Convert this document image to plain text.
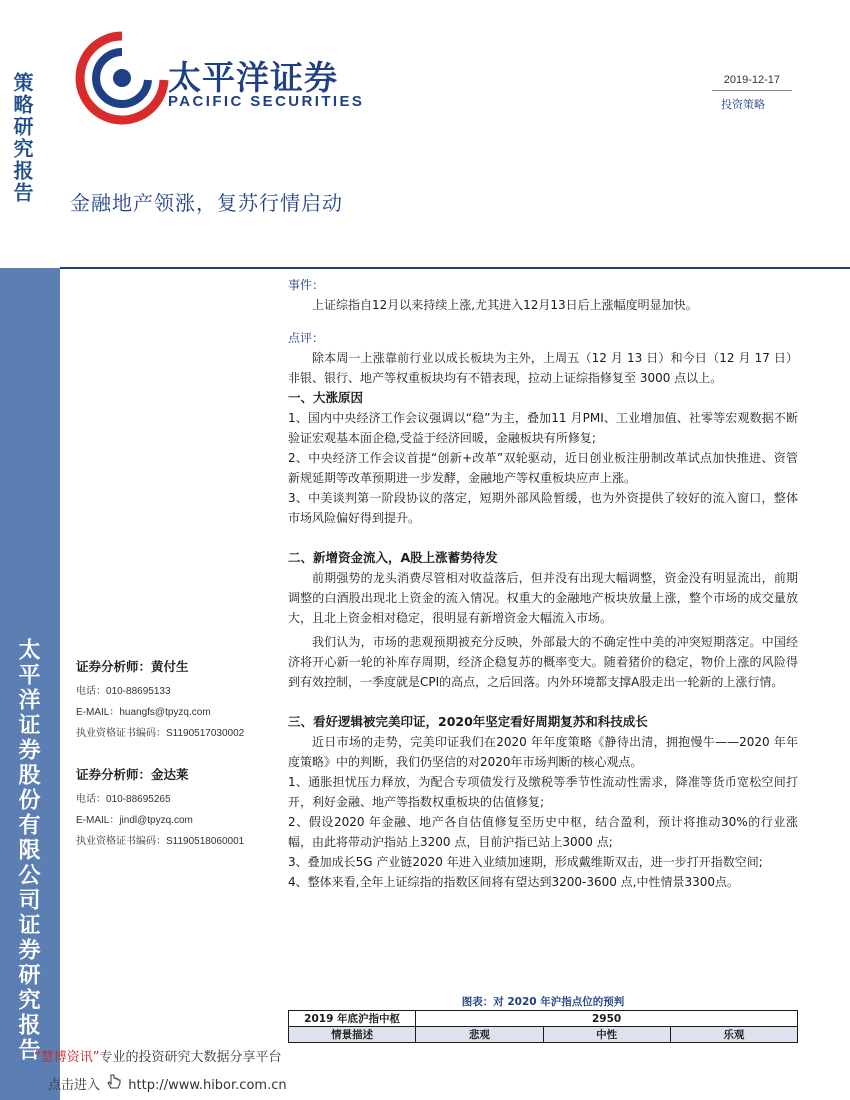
策略研究报告
太平洋证券股份有限公司证券研究报告
太平洋证券
PACIFIC SECURITIES
2019-12-17
投资策略
金融地产领涨，复苏行情启动
证券分析师：黄付生
电话：010-88695133
E-MAIL：huangfs@tpyzq.com
执业资格证书编码：S1190517030002
证券分析师：金达莱
电话：010-88695265
E-MAIL：jindl@tpyzq.com
执业资格证书编码：S1190518060001
事件：

上证综指自12月以来持续上涨,尤其进入12月13日后上涨幅度明显加快。

点评：

除本周一上涨靠前行业以成长板块为主外，上周五（12 月 13 日）和今日（12 月 17 日）非银、银行、地产等权重板块均有不错表现，拉动上证综指修复至 3000 点以上。

一、大涨原因

1、国内中央经济工作会议强调以“稳”为主，叠加11 月PMI、工业增加值、社零等宏观数据不断验证宏观基本面企稳,受益于经济回暖，金融板块有所修复;

2、中央经济工作会议首提“创新+改革”双轮驱动，近日创业板注册制改革试点加快推进、资管新规延期等改革预期进一步发酵，金融地产等权重板块应声上涨。

3、中美谈判第一阶段协议的落定，短期外部风险暂缓，也为外资提供了较好的流入窗口，整体市场风险偏好得到提升。

二、新增资金流入，A股上涨蓄势待发

前期强势的龙头消费尽管相对收益落后，但并没有出现大幅调整，资金没有明显流出，前期调整的白酒股出现北上资金的流入情况。权重大的金融地产板块放量上涨，整个市场的成交量放大，且北上资金相对稳定，很明显有新增资金大幅流入市场。

我们认为，市场的悲观预期被充分反映，外部最大的不确定性中美的冲突短期落定。中国经济将开心新一轮的补库存周期，经济企稳复苏的概率变大。随着猪价的稳定，物价上涨的风险得到有效控制，一季度就是CPI的高点，之后回落。内外环境都支撑A股走出一轮新的上涨行情。

三、看好逻辑被完美印证，2020年坚定看好周期复苏和科技成长

近日市场的走势，完美印证我们在2020 年年度策略《静待出清，拥抱慢牛——2020 年年度策略》中的判断，我们仍坚信的对2020年市场判断的核心观点。

1、通胀担忧压力释放，为配合专项债发行及缴税等季节性流动性需求，降准等货币宽松空间打开，利好金融、地产等指数权重板块的估值修复;

2、假设2020 年金融、地产各自估值修复至历史中枢，结合盈利，预计将推动30%的行业涨幅，由此将带动沪指站上3200 点，目前沪指已站上3000 点;

3、叠加成长5G 产业链2020 年进入业绩加速期，形成戴维斯双击，进一步打开指数空间;

4、整体来看,全年上证综指的指数区间将有望达到3200-3600 点,中性情景3300点。

图表：对 2020 年沪指点位的预判
2019 年底沪指中枢	2950		
情景描述	悲观	中性	乐观
“慧博资讯”专业的投资研究大数据分享平台
点击进入 http://www.hibor.com.cn
